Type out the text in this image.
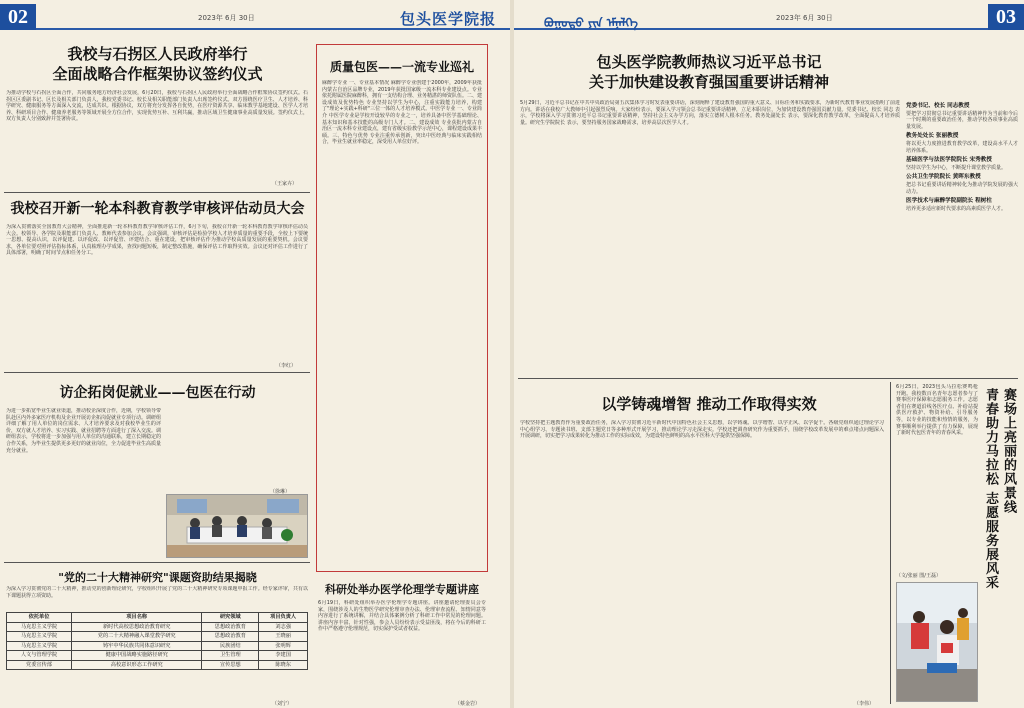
02	2023年 6月 30日	包头医学院报
我校与石拐区人民政府举行
全面战略合作框架协议签约仪式
为推动学校与石拐区全面合作，共同服务地方经济社会发展，6月20日，我校与石拐区人民政府举行全面战略合作框架协议签约仪式。石拐区区委副书记、区长及相关部门负责人，我校党委书记、校长及相关职能部门负责人出席签约仪式。双方围绕医疗卫生、人才培养、科学研究、健康服务等方面深入交流，达成共识。根据协议，双方将充分发挥各自优势，在医疗资源共享、临床教学基地建设、医学人才培养、科研项目合作、健康养老服务等领域开展全方位合作，实现优势互补、互利共赢，推动区域卫生健康事业高质量发展。签约仪式上，双方负责人分别致辞并签署协议。
（王家卉）
我校召开新一轮本科教育教学审核评估动员大会
为深入贯彻落实全国教育大会精神，全面推进新一轮本科教育教学审核评估工作，6月下旬，我校召开新一轮本科教育教学审核评估动员大会。校领导、各学院及职能部门负责人、教师代表参加会议。会议强调，审核评估是检验学校人才培养质量的重要手段，全校上下要统一思想、提高认识，以评促建、以评促改、以评促管、评建结合、重在建设，把审核评估作为推动学校高质量发展的重要契机。会议要求，各单位要对照评估指标体系，认真梳理办学成果，查找问题短板，制定整改措施，确保评估工作取得实效。会议还对评估工作进行了具体部署，明确了时间节点和任务分工。
（李红）
访企拓岗促就业——包医在行动
为进一步拓宽毕业生就业渠道，推动校企深度合作，近期，学校领导带队赴区内外多家医疗机构及企业开展访企拓岗促就业专项行动。调研组详细了解了用人单位的岗位需求、人才培养要求及对我校毕业生的评价，双方就人才培养、实习实践、就业招聘等方面进行了深入交流。调研组表示，学校将进一步加强与用人单位的沟通联系，建立长期稳定的合作关系，为毕业生提供更多更好的就业岗位，全力促进毕业生高质量充分就业。
（徐琳）
"党的二十大精神研究"课题资助结果揭晓
为深入学习贯彻党的二十大精神，推动党的创新理论研究，学校组织开展了党的二十大精神研究专项课题申报工作。经专家评审，共有以下课题获得立项资助。
依托单位	项目名称	研究领域	项目负责人
马克思主义学院	新时代高校思想政治教育研究	思想政治教育	刘志强
马克思主义学院	党的二十大精神融入课堂教学研究	思想政治教育	王晓丽
马克思主义学院	铸牢中华民族共同体意识研究	民族团结	张明辉
人文与管理学院	健康中国战略实施路径研究	卫生管理	李建国
党委宣传部	高校意识形态工作研究	宣传思想	陈晓东
（刘宁）
质量包医——一流专业巡礼
麻醉学专业 一、专业基本情况 麻醉学专业创建于2000年，2009年获批内蒙古自治区品牌专业，2019年获批国家级一流本科专业建设点。专业依托附属医院麻醉科，拥有一支结构合理、业务精湛的师资队伍。二、建设成效及优势特色 专业坚持以学生为中心，注重实践能力培养，构建了"理论+实践+科研"三位一体的人才培养模式。中医学专业 一、专业简介 中医学专业是学校开设较早的专业之一，培养具备中医学基础理论、基本知识和基本技能的高级专门人才。二、建设成效 专业获批内蒙古自治区一流本科专业建设点，建有省级实验教学示范中心，课程建设成果丰硕。三、特色与优势 专业注重传承创新，突出中医经典与临床实践相结合，毕业生就业率稳定，深受用人单位好评。
科研处举办医学伦理学专题讲座
6月19日，科研处组织举办医学伦理学专题讲座。讲座邀请伦理委员会专家，围绕涉及人的生物医学研究伦理审查办法、伦理审查流程、知情同意等内容进行了系统讲解，并结合具体案例分析了科研工作中常见的伦理问题。讲座内容丰富、针对性强，参会人员纷纷表示受益匪浅，将在今后的科研工作中严格遵守伦理规范，切实保护受试者权益。
（蔡金岩）
ᠪᠣᠭᠣᠲᠣ ᠶᠢᠨ ᠡᠮᠨᠡᠯᠭᠡ	2023年 6月 30日	03
包头医学院教师热议习近平总书记
关于加快建设教育强国重要讲话精神
5月29日，习近平总书记在中共中央政治局第五次集体学习时发表重要讲话，深刻阐释了建设教育强国的重大意义、目标任务和实践要求，为新时代教育事业发展指明了前进方向。讲话在我校广大教师中引起强烈反响。大家纷纷表示，要深入学习领会总书记重要讲话精神，立足本职岗位，为加快建设教育强国贡献力量。党委书记、校长 同志 表示，学校将深入学习贯彻习近平总书记重要讲话精神，坚持社会主义办学方向，落实立德树人根本任务。教务处副处长 表示，要深化教育教学改革，全面提高人才培养质量。研究生学院院长 表示，要坚持服务国家战略需求，培养高层次医学人才。
党委书记、校长 同志教授
要把学习贯彻总书记重要讲话精神作为当前和今后一个时期的重要政治任务，推动学校各项事业高质量发展。
教务处处长 张丽教授
将以更大力度推进教育教学改革，建设高水平人才培养体系。
基础医学与法医学院院长 宋秀教授
坚持以学生为中心，不断提升课堂教学质量。
公共卫生学院院长 黄晖东教授
把总书记重要讲话精神转化为推动学院发展的强大动力。
医学技术与麻醉学院副院长 程树柱
培养更多适应新时代要求的高素质医学人才。
以学铸魂增智 推动工作取得实效
学校坚持把主题教育作为重要政治任务，深入学习贯彻习近平新时代中国特色社会主义思想，以学铸魂、以学增智、以学正风、以学促干。各级党组织通过理论学习中心组学习、专题读书班、支部主题党日等多种形式开展学习，推动理论学习走深走实。学校还把调查研究作为重要抓手，围绕学校改革发展中的难点堵点问题深入开展调研，切实把学习成果转化为推动工作的实际成效，为建设特色鲜明的高水平医科大学提供坚强保障。
（李伟）
6月25日，2023包头马拉松赛鸣枪开跑。我校数百名青年志愿者参与了赛事医疗保障和志愿服务工作。志愿者们在赛道沿线各医疗点、补给站提供医疗救护、物资补给、引导服务等，以专业的技能和热情的服务，为赛事顺利举行提供了有力保障，展现了新时代包医青年的青春风采。	赛场上亮丽的风景线
青春助力马拉松 志愿服务展风采
（文/张丽 图/王磊）
